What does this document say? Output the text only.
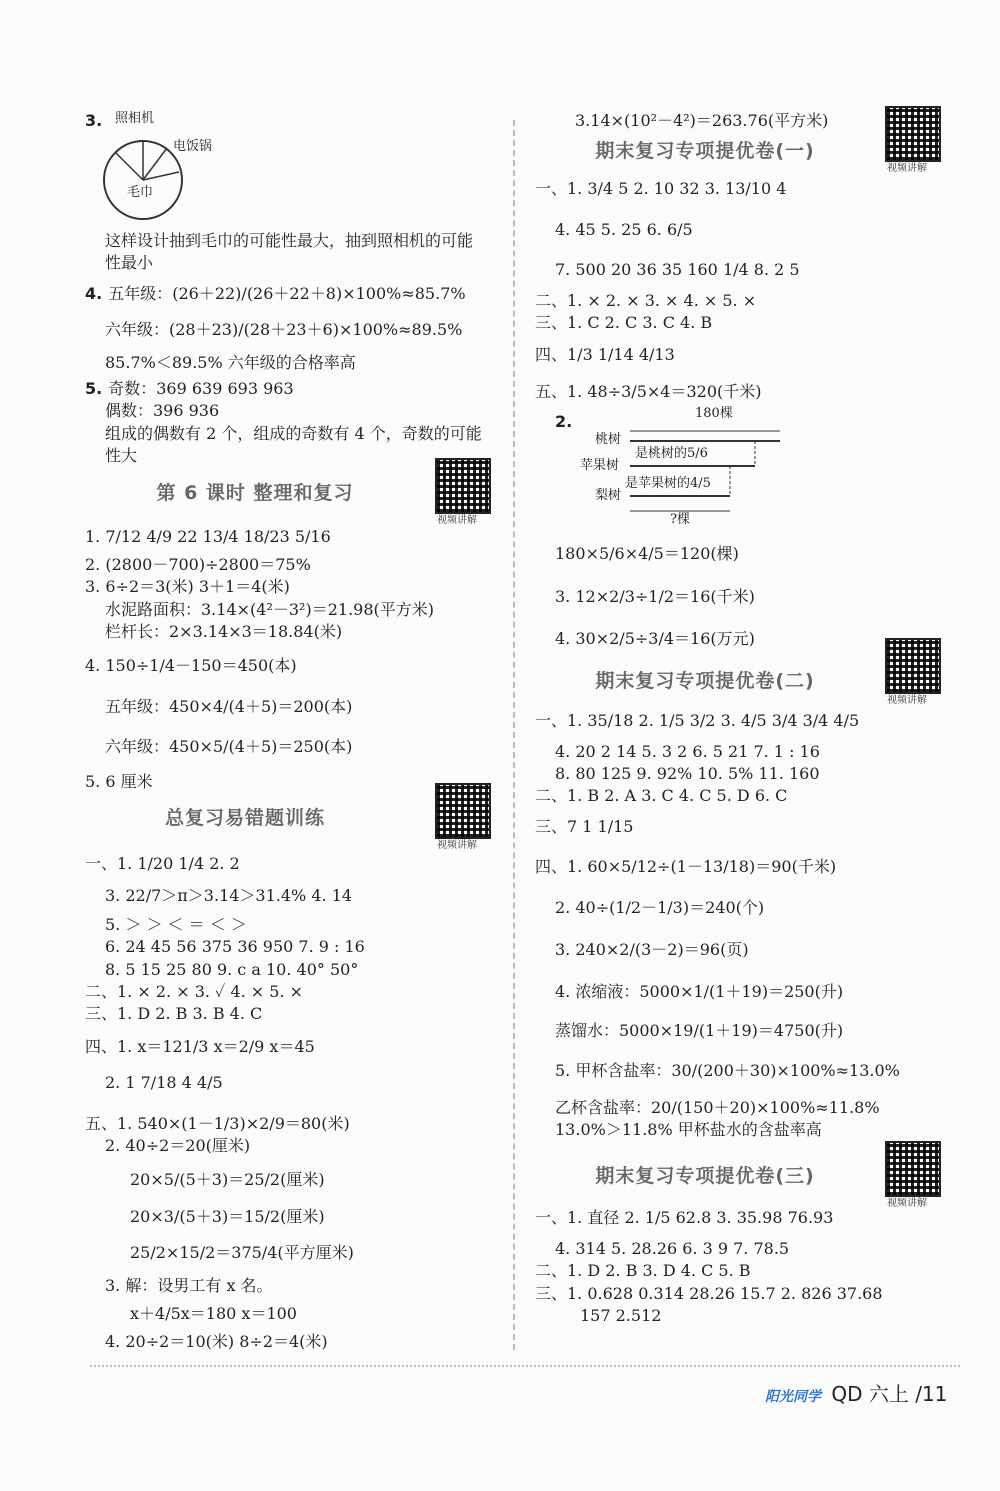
3. 照相机
电饭锅
毛巾
这样设计抽到毛巾的可能性最大，抽到照相机的可能
性最小
4. 五年级：(26＋22)/(26＋22＋8)×100%≈85.7%
六年级：(28＋23)/(28＋23＋6)×100%≈89.5%
85.7%＜89.5% 六年级的合格率高
5. 奇数：369 639 693 963
偶数：396 936
组成的偶数有 2 个，组成的奇数有 4 个，奇数的可能
性大
第 6 课时 整理和复习
视频讲解
1. 7/12 4/9 22 13/4 18/23 5/16
2. (2800－700)÷2800＝75%
3. 6÷2＝3(米) 3＋1＝4(米)
水泥路面积：3.14×(4²－3²)＝21.98(平方米)
栏杆长：2×3.14×3＝18.84(米)
4. 150÷1/4－150＝450(本)
五年级：450×4/(4＋5)＝200(本)
六年级：450×5/(4＋5)＝250(本)
5. 6 厘米
总复习易错题训练
视频讲解
一、1. 1/20 1/4 2. 2
3. 22/7＞π＞3.14＞31.4% 4. 14
5. ＞ ＞ ＜ ＝ ＜ ＞
6. 24 45 56 375 36 950 7. 9 : 16
8. 5 15 25 80 9. c a 10. 40° 50°
二、1. × 2. × 3. ✓ 4. × 5. ×
三、1. D 2. B 3. B 4. C
四、1. x＝121/3 x＝2/9 x＝45
2. 1 7/18 4 4/5
五、1. 540×(1－1/3)×2/9＝80(米)
2. 40÷2＝20(厘米)
20×5/(5＋3)＝25/2(厘米)
20×3/(5＋3)＝15/2(厘米)
25/2×15/2＝375/4(平方厘米)
3. 解：设男工有 x 名。
x＋4/5x＝180 x＝100
4. 20÷2＝10(米) 8÷2＝4(米)
3.14×(10²－4²)＝263.76(平方米)
期末复习专项提优卷(一)
视频讲解
一、1. 3/4 5 2. 10 32 3. 13/10 4
4. 45 5. 25 6. 6/5
7. 500 20 36 35 160 1/4 8. 2 5
二、1. × 2. × 3. × 4. × 5. ×
三、1. C 2. C 3. C 4. B
四、1/3 1/14 4/13
五、1. 48÷3/5×4＝320(千米)
2.	180棵
桃树
是桃树的5/6
苹果树
是苹果树的4/5
梨树
?棵
180×5/6×4/5＝120(棵)
3. 12×2/3÷1/2＝16(千米)
4. 30×2/5÷3/4＝16(万元)
期末复习专项提优卷(二)
视频讲解
一、1. 35/18 2. 1/5 3/2 3. 4/5 3/4 3/4 4/5
4. 20 2 14 5. 3 2 6. 5 21 7. 1 : 16
8. 80 125 9. 92% 10. 5% 11. 160
二、1. B 2. A 3. C 4. C 5. D 6. C
三、7 1 1/15
四、1. 60×5/12÷(1－13/18)＝90(千米)
2. 40÷(1/2－1/3)＝240(个)
3. 240×2/(3－2)＝96(页)
4. 浓缩液：5000×1/(1＋19)＝250(升)
蒸馏水：5000×19/(1＋19)＝4750(升)
5. 甲杯含盐率：30/(200＋30)×100%≈13.0%
乙杯含盐率：20/(150＋20)×100%≈11.8%
13.0%＞11.8% 甲杯盐水的含盐率高
期末复习专项提优卷(三)
视频讲解
一、1. 直径 2. 1/5 62.8 3. 35.98 76.93
4. 314 5. 28.26 6. 3 9 7. 78.5
二、1. D 2. B 3. D 4. C 5. B
三、1. 0.628 0.314 28.26 15.7 2. 826 37.68
157 2.512
阳光同学 QD 六上 /11
